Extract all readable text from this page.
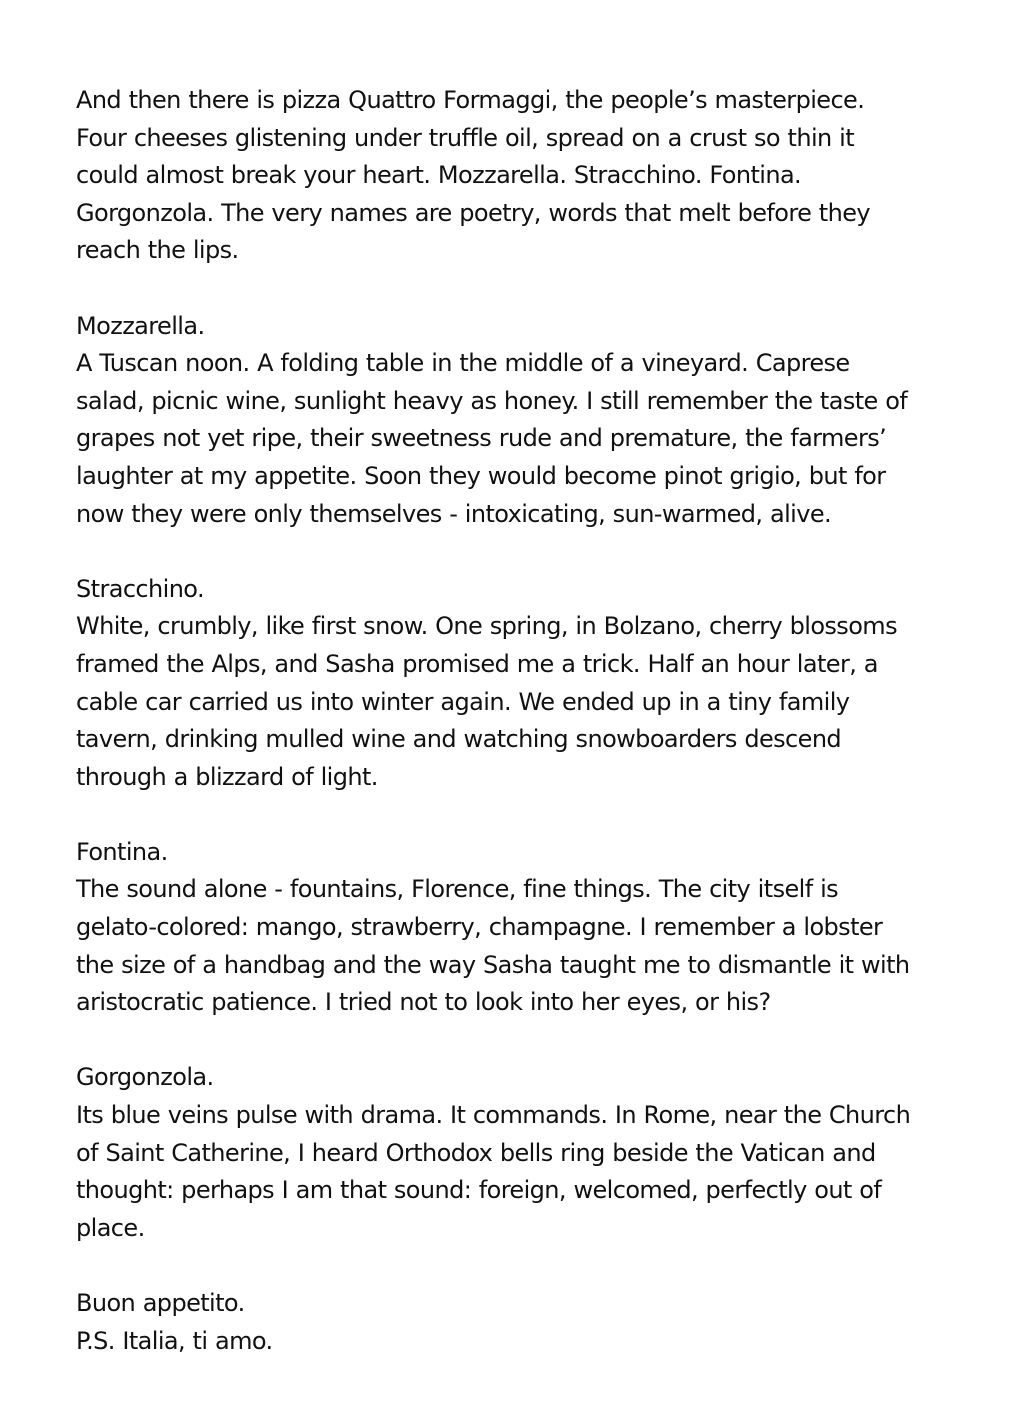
And then there is pizza Quattro Formaggi, the people’s masterpiece.
Four cheeses glistening under truffle oil, spread on a crust so thin it
could almost break your heart. Mozzarella. Stracchino. Fontina.
Gorgonzola. The very names are poetry, words that melt before they
reach the lips.
Mozzarella.
A Tuscan noon. A folding table in the middle of a vineyard. Caprese
salad, picnic wine, sunlight heavy as honey. I still remember the taste of
grapes not yet ripe, their sweetness rude and premature, the farmers’
laughter at my appetite. Soon they would become pinot grigio, but for
now they were only themselves - intoxicating, sun-warmed, alive.
Stracchino.
White, crumbly, like first snow. One spring, in Bolzano, cherry blossoms
framed the Alps, and Sasha promised me a trick. Half an hour later, a
cable car carried us into winter again. We ended up in a tiny family
tavern, drinking mulled wine and watching snowboarders descend
through a blizzard of light.
Fontina.
The sound alone - fountains, Florence, fine things. The city itself is
gelato-colored: mango, strawberry, champagne. I remember a lobster
the size of a handbag and the way Sasha taught me to dismantle it with
aristocratic patience. I tried not to look into her eyes, or his?
Gorgonzola.
Its blue veins pulse with drama. It commands. In Rome, near the Church
of Saint Catherine, I heard Orthodox bells ring beside the Vatican and
thought: perhaps I am that sound: foreign, welcomed, perfectly out of
place.
Buon appetito.
P.S. Italia, ti amo.
